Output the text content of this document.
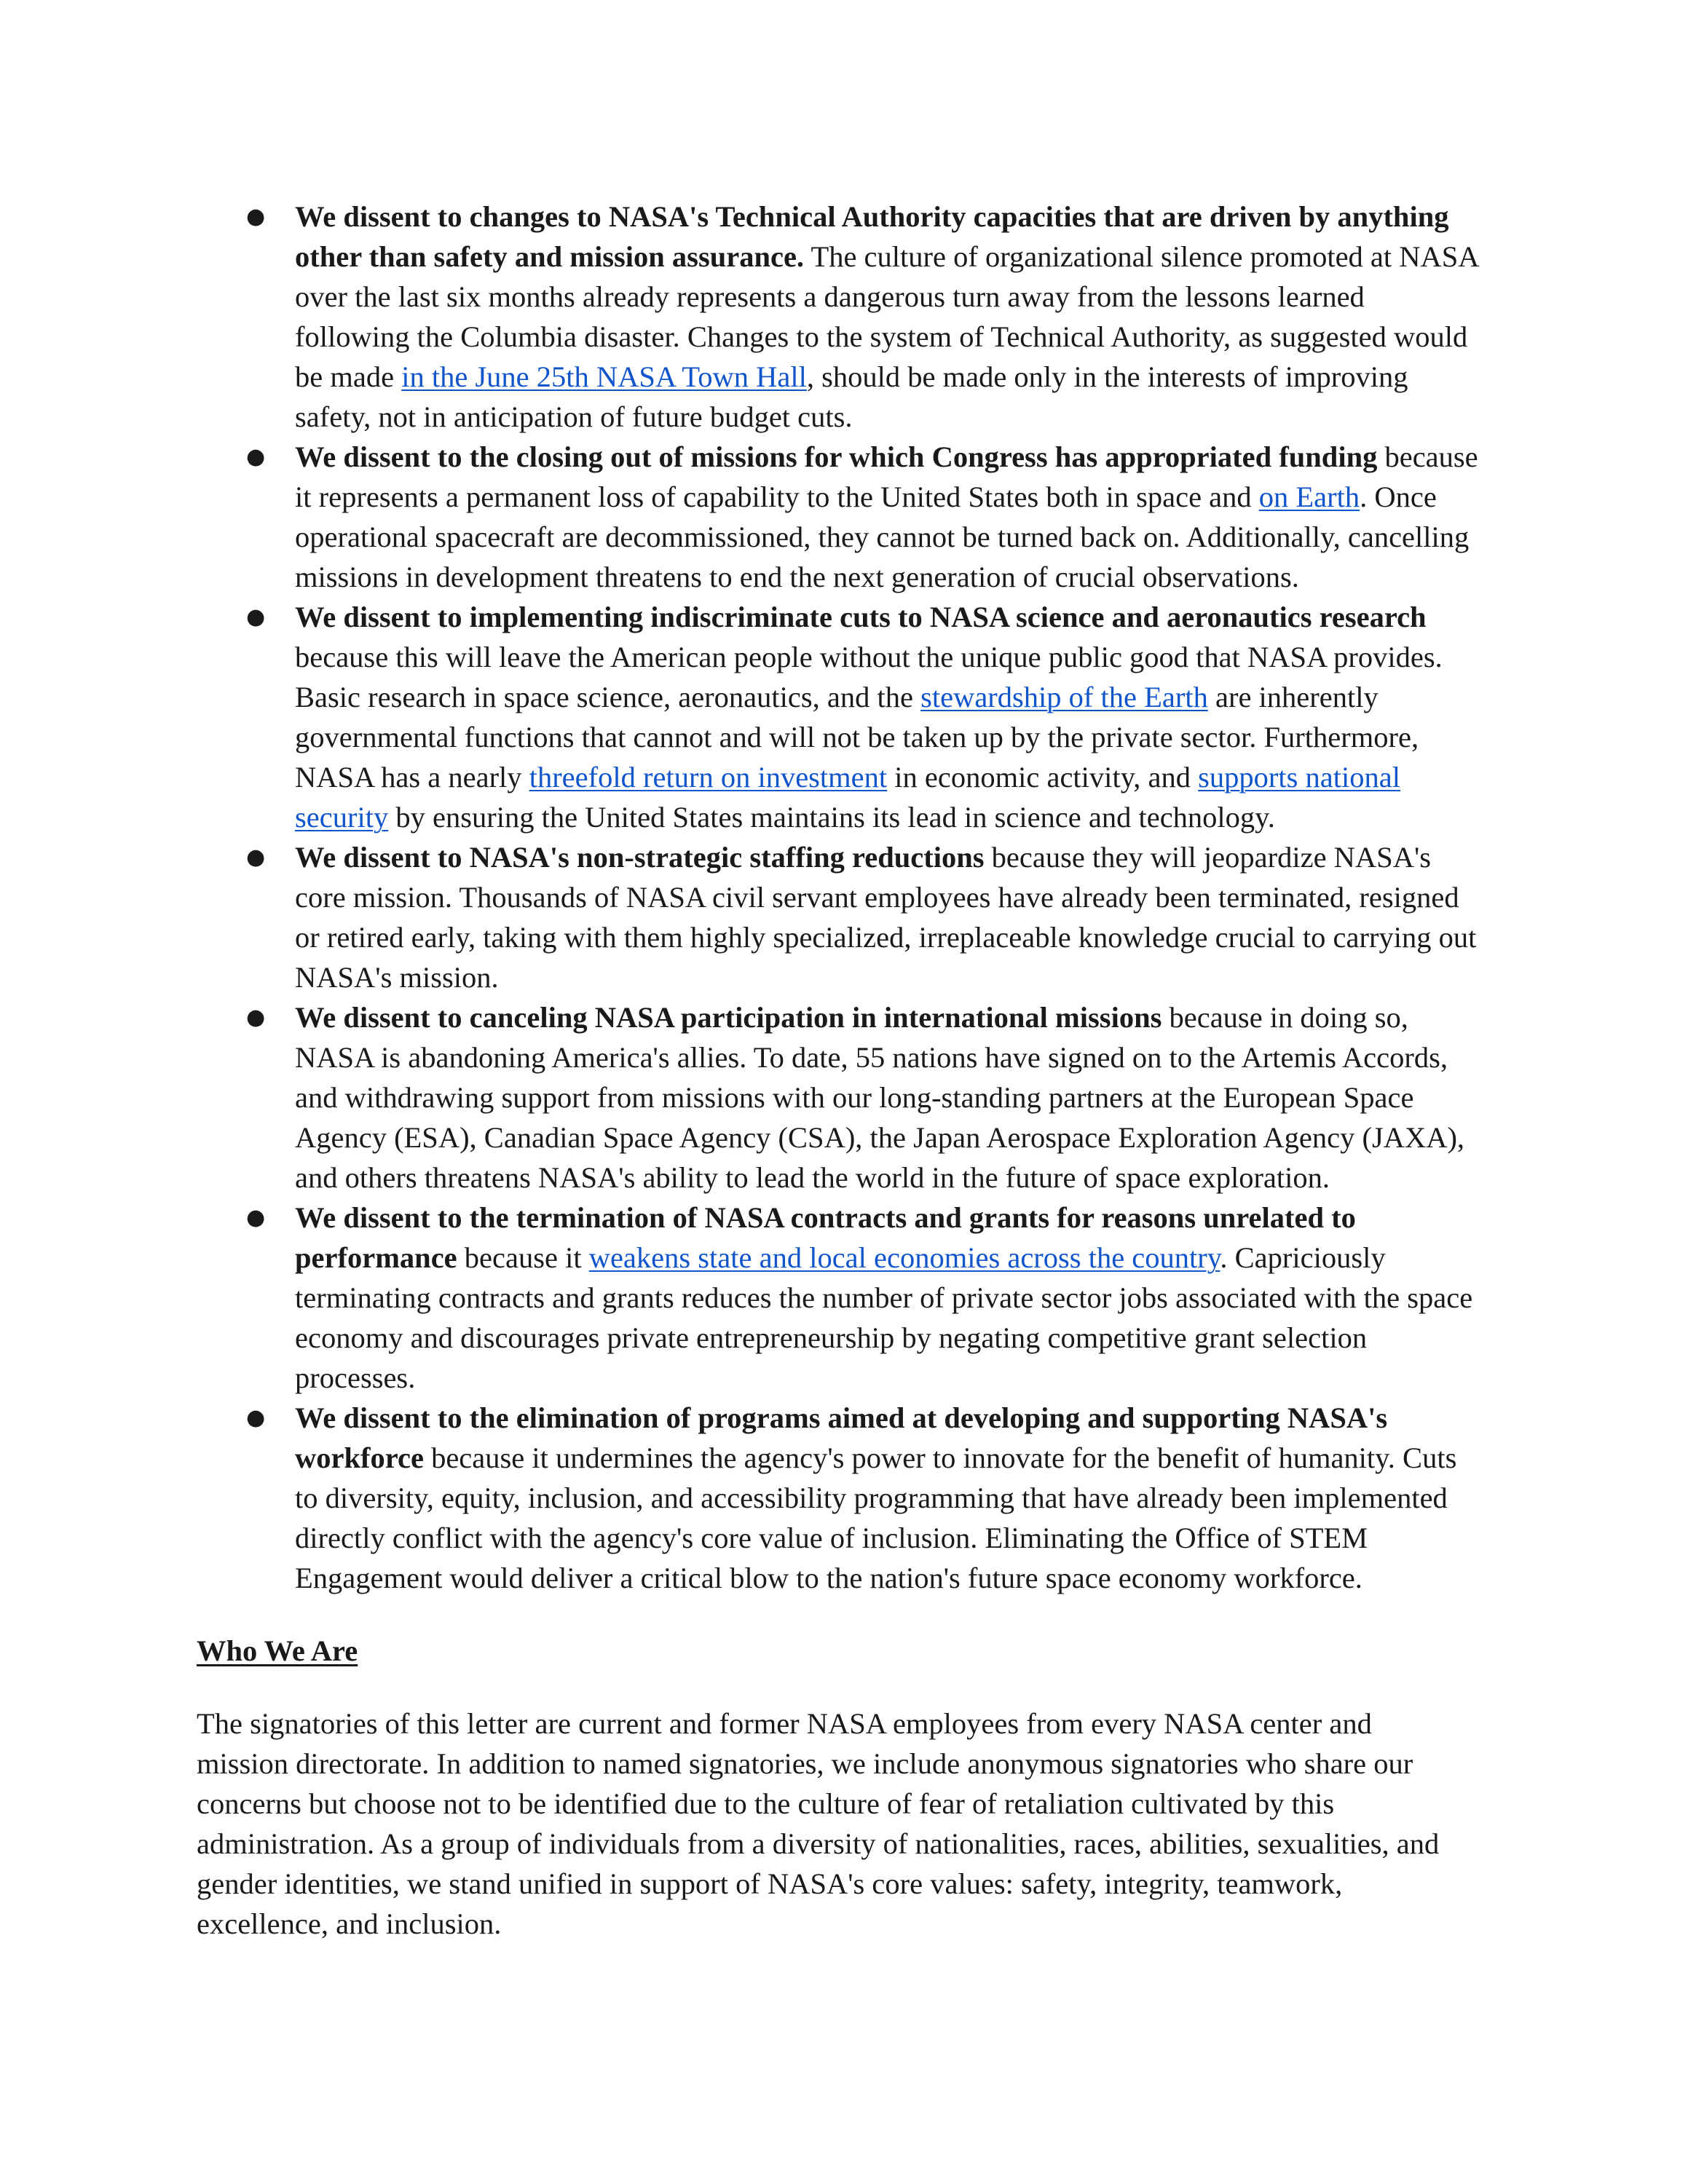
● We dissent to changes to NASA's Technical Authority capacities that are driven by anything other than safety and mission assurance. The culture of organizational silence promoted at NASA over the last six months already represents a dangerous turn away from the lessons learned following the Columbia disaster. Changes to the system of Technical Authority, as suggested would be made in the June 25th NASA Town Hall, should be made only in the interests of improving safety, not in anticipation of future budget cuts.
● We dissent to the closing out of missions for which Congress has appropriated funding because it represents a permanent loss of capability to the United States both in space and on Earth. Once operational spacecraft are decommissioned, they cannot be turned back on. Additionally, cancelling missions in development threatens to end the next generation of crucial observations.
● We dissent to implementing indiscriminate cuts to NASA science and aeronautics research because this will leave the American people without the unique public good that NASA provides. Basic research in space science, aeronautics, and the stewardship of the Earth are inherently governmental functions that cannot and will not be taken up by the private sector. Furthermore, NASA has a nearly threefold return on investment in economic activity, and supports national security by ensuring the United States maintains its lead in science and technology.
● We dissent to NASA's non-strategic staffing reductions because they will jeopardize NASA's core mission. Thousands of NASA civil servant employees have already been terminated, resigned or retired early, taking with them highly specialized, irreplaceable knowledge crucial to carrying out NASA's mission.
● We dissent to canceling NASA participation in international missions because in doing so, NASA is abandoning America's allies. To date, 55 nations have signed on to the Artemis Accords, and withdrawing support from missions with our long-standing partners at the European Space Agency (ESA), Canadian Space Agency (CSA), the Japan Aerospace Exploration Agency (JAXA), and others threatens NASA's ability to lead the world in the future of space exploration.
● We dissent to the termination of NASA contracts and grants for reasons unrelated to performance because it weakens state and local economies across the country. Capriciously terminating contracts and grants reduces the number of private sector jobs associated with the space economy and discourages private entrepreneurship by negating competitive grant selection processes.
● We dissent to the elimination of programs aimed at developing and supporting NASA's workforce because it undermines the agency's power to innovate for the benefit of humanity. Cuts to diversity, equity, inclusion, and accessibility programming that have already been implemented directly conflict with the agency's core value of inclusion. Eliminating the Office of STEM Engagement would deliver a critical blow to the nation's future space economy workforce.
Who We Are

The signatories of this letter are current and former NASA employees from every NASA center and mission directorate. In addition to named signatories, we include anonymous signatories who share our concerns but choose not to be identified due to the culture of fear of retaliation cultivated by this administration. As a group of individuals from a diversity of nationalities, races, abilities, sexualities, and gender identities, we stand unified in support of NASA's core values: safety, integrity, teamwork, excellence, and inclusion.
